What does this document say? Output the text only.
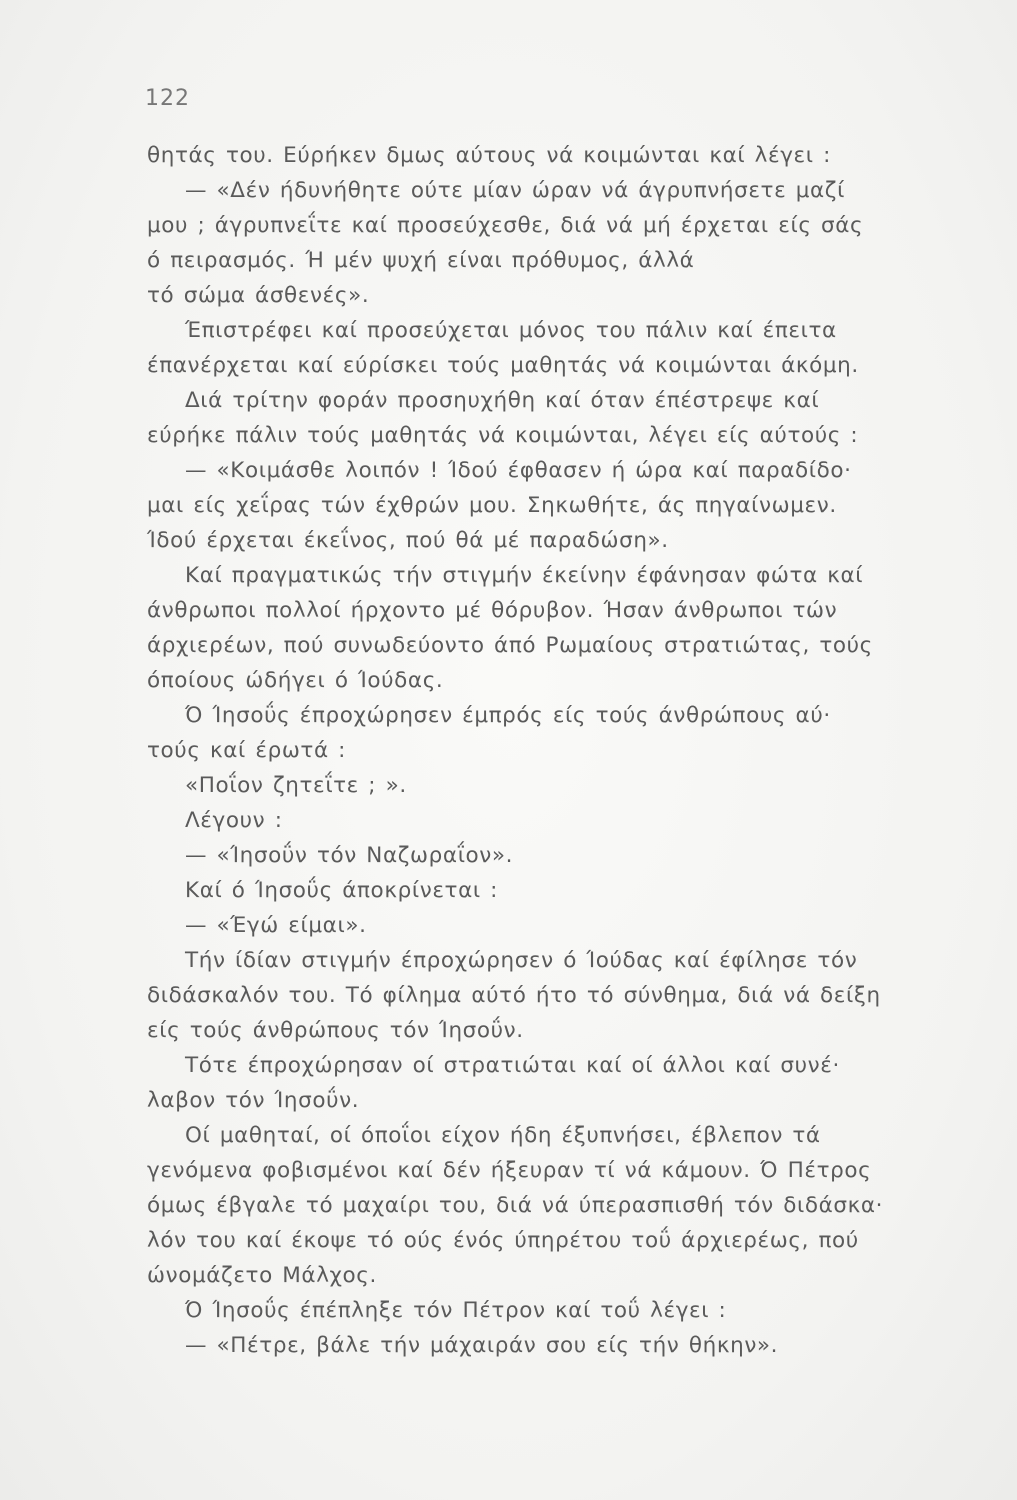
122
θητάς του. Εύρήκεν δμως αύτους νά κοιμώνται καί λέγει :
— «Δέν ήδυνήθητε ούτε μίαν ώραν νά άγρυπνήσετε μαζί
μου ; άγρυπνεΐτε καί προσεύχεσθε, διά νά μή έρχεται είς σάς
ό πειρασμός. Ή μέν ψυχή είναι πρόθυμος, άλλά
τό σώμα άσθενές».
Έπιστρέφει καί προσεύχεται μόνος του πάλιν καί έπειτα
έπανέρχεται καί εύρίσκει τούς μαθητάς νά κοιμώνται άκόμη.
Διά τρίτην φοράν προσηυχήθη καί όταν έπέστρεψε καί
εύρήκε πάλιν τούς μαθητάς νά κοιμώνται, λέγει είς αύτούς :
— «Κοιμάσθε λοιπόν ! Ίδού έφθασεν ή ώρα καί παραδίδο·
μαι είς χεΐρας τών έχθρών μου. Σηκωθήτε, άς πηγαίνωμεν.
Ίδού έρχεται έκεΐνος, πού θά μέ παραδώση».
Καί πραγματικώς τήν στιγμήν έκείνην έφάνησαν φώτα καί
άνθρωποι πολλοί ήρχοντο μέ θόρυβον. Ήσαν άνθρωποι τών
άρχιερέων, πού συνωδεύοντο άπό Ρωμαίους στρατιώτας, τούς
όποίους ώδήγει ό Ίούδας.
Ό Ίησοΰς έπροχώρησεν έμπρός είς τούς άνθρώπους αύ·
τούς καί έρωτά :
«Ποΐον ζητεΐτε ; ».
Λέγουν :
— «Ίησοΰν τόν Ναζωραΐον».
Καί ό Ίησοΰς άποκρίνεται :
— «Έγώ είμαι».
Τήν ίδίαν στιγμήν έπροχώρησεν ό Ίούδας καί έφίλησε τόν
διδάσκαλόν του. Τό φίλημα αύτό ήτο τό σύνθημα, διά νά δείξη
είς τούς άνθρώπους τόν Ίησοΰν.
Τότε έπροχώρησαν οί στρατιώται καί οί άλλοι καί συνέ·
λαβον τόν Ίησοΰν.
Οί μαθηταί, οί όποΐοι είχον ήδη έξυπνήσει, έβλεπον τά
γενόμενα φοβισμένοι καί δέν ήξευραν τί νά κάμουν. Ό Πέτρος
όμως έβγαλε τό μαχαίρι του, διά νά ύπερασπισθή τόν διδάσκα·
λόν του καί έκοψε τό ούς ένός ύπηρέτου τοΰ άρχιερέως, πού
ώνομάζετο Μάλχος.
Ό Ίησοΰς έπέπληξε τόν Πέτρον καί τοΰ λέγει :
— «Πέτρε, βάλε τήν μάχαιράν σου είς τήν θήκην».
